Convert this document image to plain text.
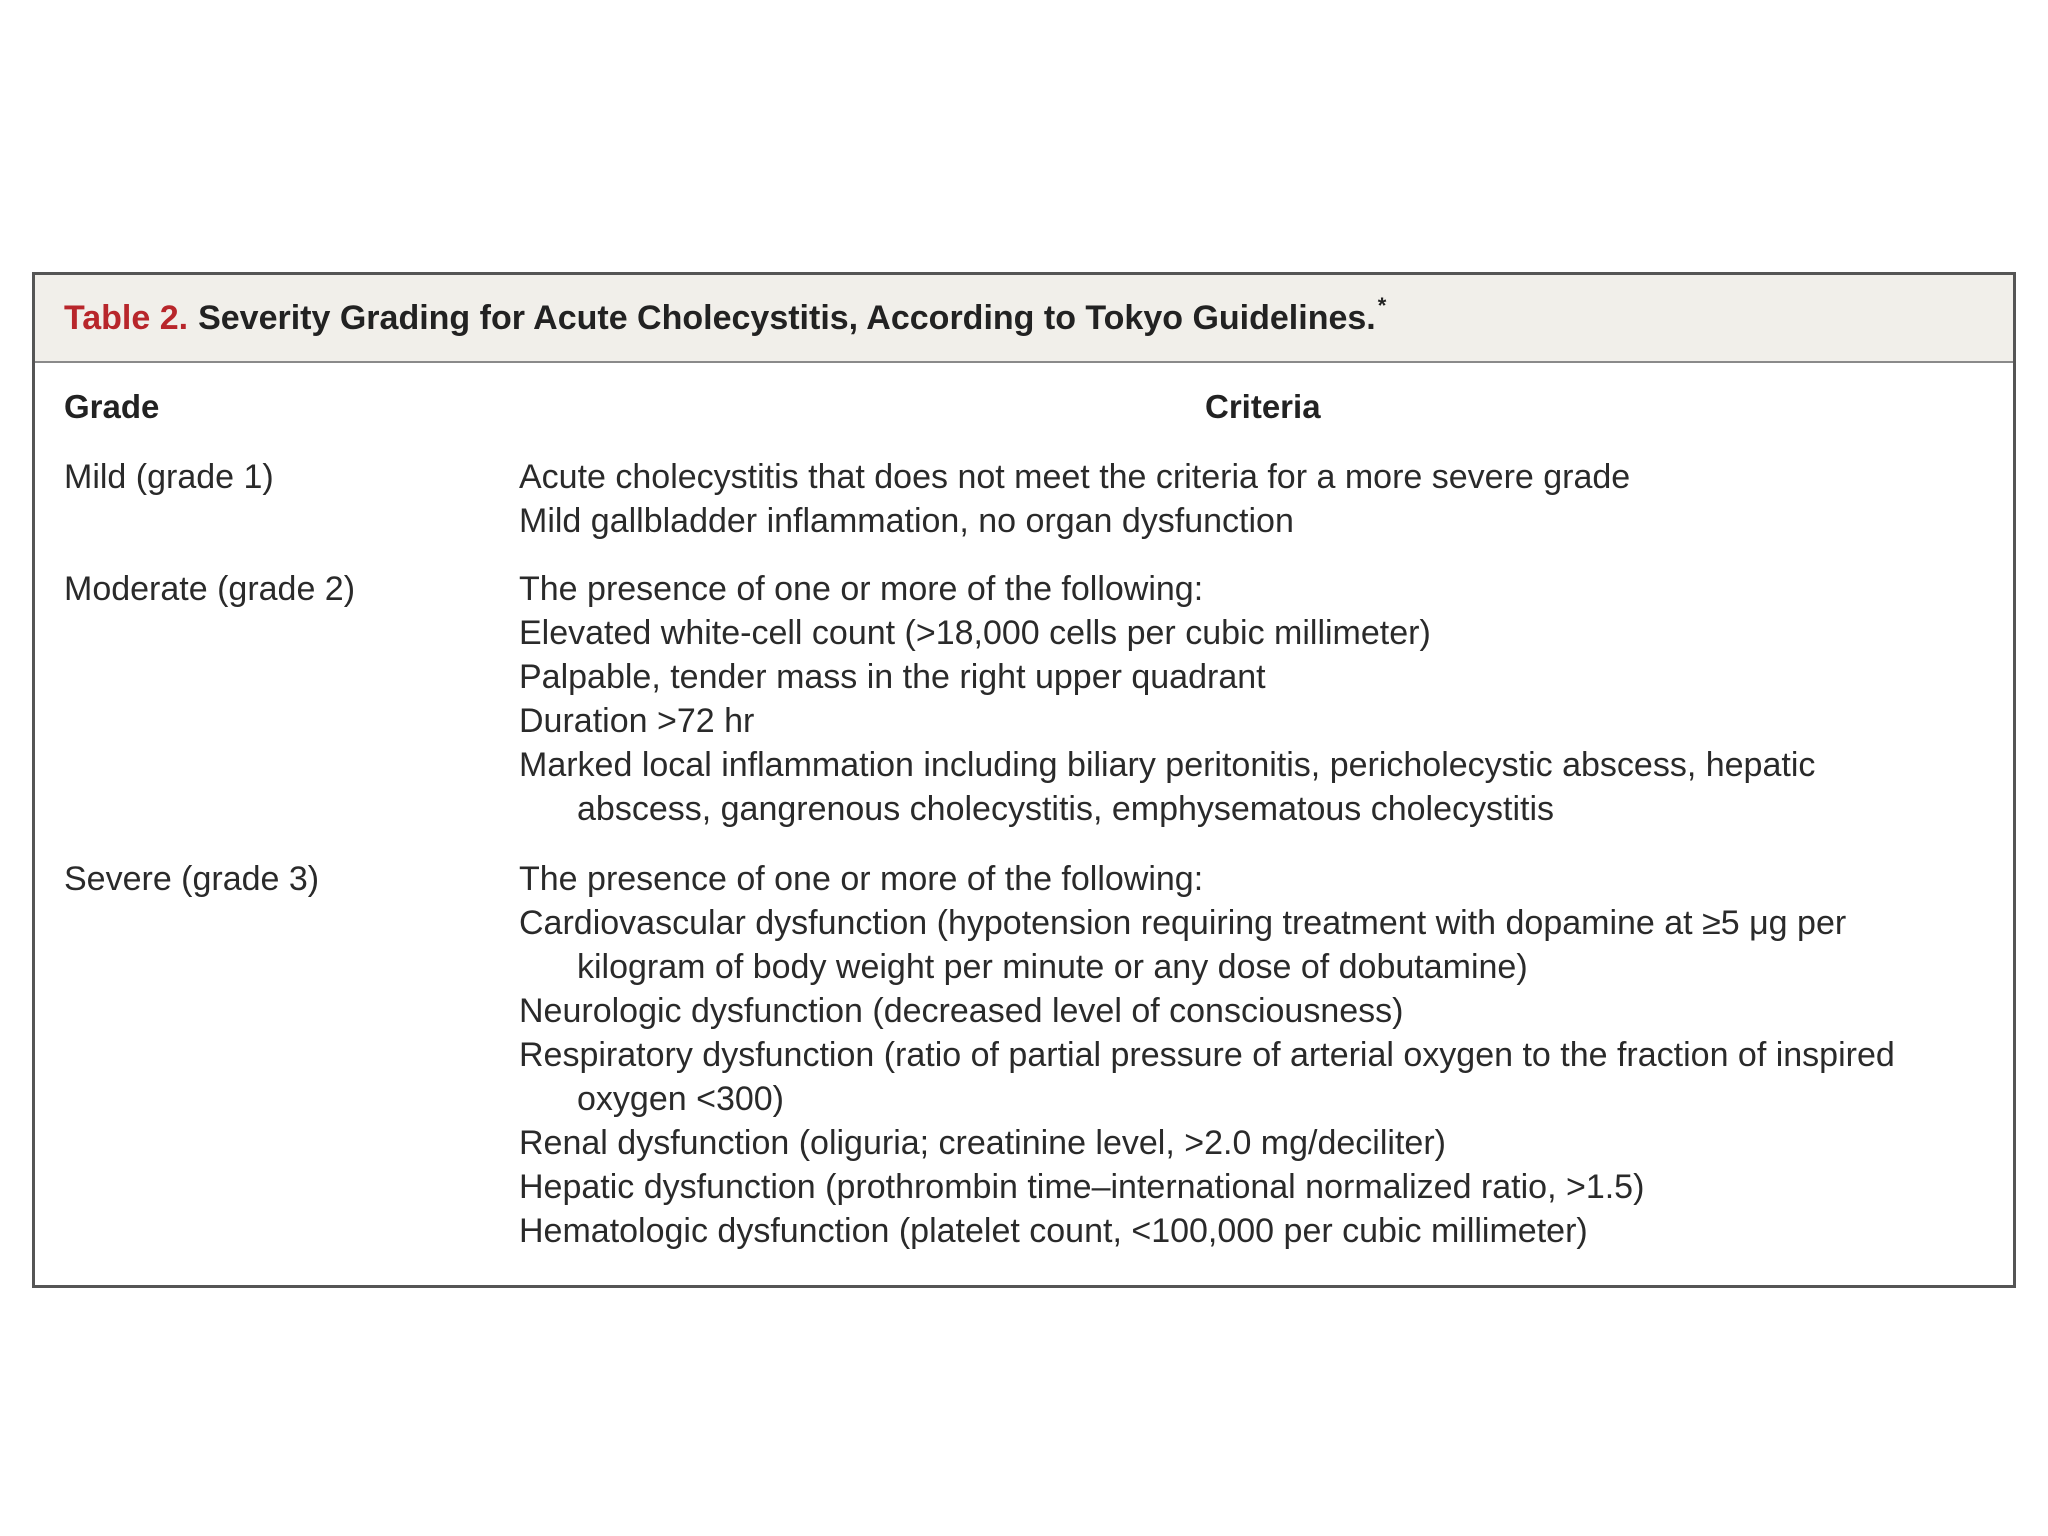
Table 2. Severity Grading for Acute Cholecystitis, According to Tokyo Guidelines. *
Grade	Criteria
Mild (grade 1)	Acute cholecystitis that does not meet the criteria for a more severe grade
Mild gallbladder inflammation, no organ dysfunction
Moderate (grade 2)	The presence of one or more of the following:
Elevated white-cell count (>18,000 cells per cubic millimeter)
Palpable, tender mass in the right upper quadrant
Duration >72 hr
Marked local inflammation including biliary peritonitis, pericholecystic abscess, hepatic
abscess, gangrenous cholecystitis, emphysematous cholecystitis
Severe (grade 3)	The presence of one or more of the following:
Cardiovascular dysfunction (hypotension requiring treatment with dopamine at ≥5 μg per
kilogram of body weight per minute or any dose of dobutamine)
Neurologic dysfunction (decreased level of consciousness)
Respiratory dysfunction (ratio of partial pressure of arterial oxygen to the fraction of inspired
oxygen <300)
Renal dysfunction (oliguria; creatinine level, >2.0 mg/deciliter)
Hepatic dysfunction (prothrombin time–international normalized ratio, >1.5)
Hematologic dysfunction (platelet count, <100,000 per cubic millimeter)
